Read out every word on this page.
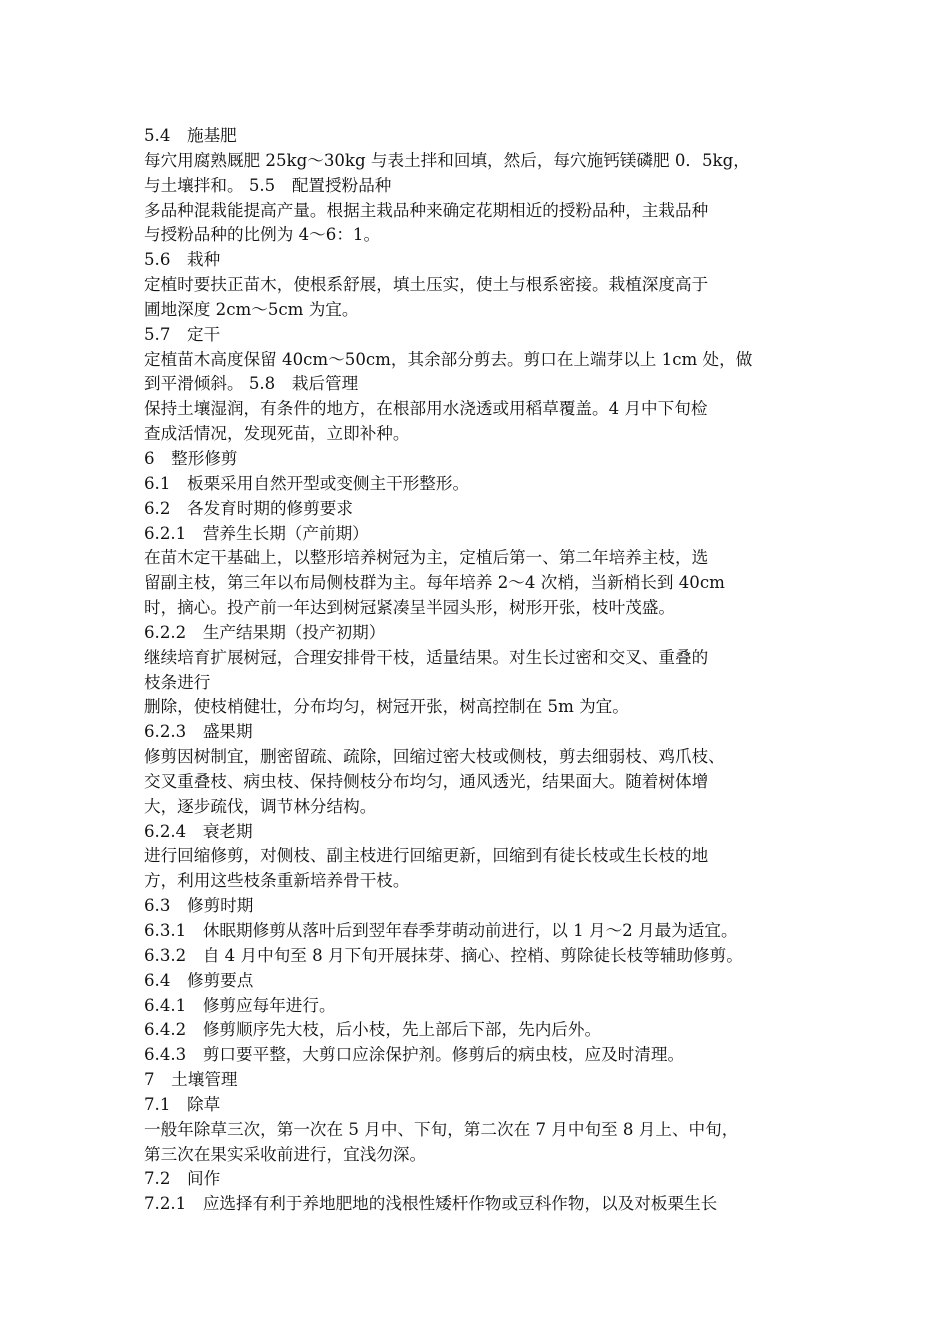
5.4　施基肥
每穴用腐熟厩肥 25kg～30kg 与表土拌和回填，然后，每穴施钙镁磷肥 0．5kg，
与土壤拌和。 5.5　配置授粉品种
多品种混栽能提高产量。根据主栽品种来确定花期相近的授粉品种，主栽品种
与授粉品种的比例为 4～6：1。
5.6　栽种
定植时要扶正苗木，使根系舒展，填土压实，使土与根系密接。栽植深度高于
圃地深度 2cm～5cm 为宜。
5.7　定干
定植苗木高度保留 40cm～50cm，其余部分剪去。剪口在上端芽以上 1cm 处，做
到平滑倾斜。 5.8　栽后管理
保持土壤湿润，有条件的地方，在根部用水浇透或用稻草覆盖。4 月中下旬检
查成活情况，发现死苗，立即补种。
6　整形修剪
6.1　板栗采用自然开型或变侧主干形整形。
6.2　各发育时期的修剪要求
6.2.1　营养生长期（产前期）
在苗木定干基础上，以整形培养树冠为主，定植后第一、第二年培养主枝，选
留副主枝，第三年以布局侧枝群为主。每年培养 2～4 次梢，当新梢长到 40cm
时，摘心。投产前一年达到树冠紧凑呈半园头形，树形开张，枝叶茂盛。
6.2.2　生产结果期（投产初期）
继续培育扩展树冠，合理安排骨干枝，适量结果。对生长过密和交叉、重叠的
枝条进行
删除，使枝梢健壮，分布均匀，树冠开张，树高控制在 5m 为宜。
6.2.3　盛果期
修剪因树制宜，删密留疏、疏除，回缩过密大枝或侧枝，剪去细弱枝、鸡爪枝、
交叉重叠枝、病虫枝、保持侧枝分布均匀，通风透光，结果面大。随着树体增
大，逐步疏伐，调节林分结构。
6.2.4　衰老期
进行回缩修剪，对侧枝、副主枝进行回缩更新，回缩到有徒长枝或生长枝的地
方，利用这些枝条重新培养骨干枝。
6.3　修剪时期
6.3.1　休眠期修剪从落叶后到翌年春季芽萌动前进行，以 1 月～2 月最为适宜。
6.3.2　自 4 月中旬至 8 月下旬开展抹芽、摘心、控梢、剪除徒长枝等辅助修剪。
6.4　修剪要点
6.4.1　修剪应每年进行。
6.4.2　修剪顺序先大枝，后小枝，先上部后下部，先内后外。
6.4.3　剪口要平整，大剪口应涂保护剂。修剪后的病虫枝，应及时清理。
7　土壤管理
7.1　除草
一般年除草三次，第一次在 5 月中、下旬，第二次在 7 月中旬至 8 月上、中旬，
第三次在果实采收前进行，宜浅勿深。
7.2　间作
7.2.1　应选择有利于养地肥地的浅根性矮杆作物或豆科作物，以及对板栗生长
